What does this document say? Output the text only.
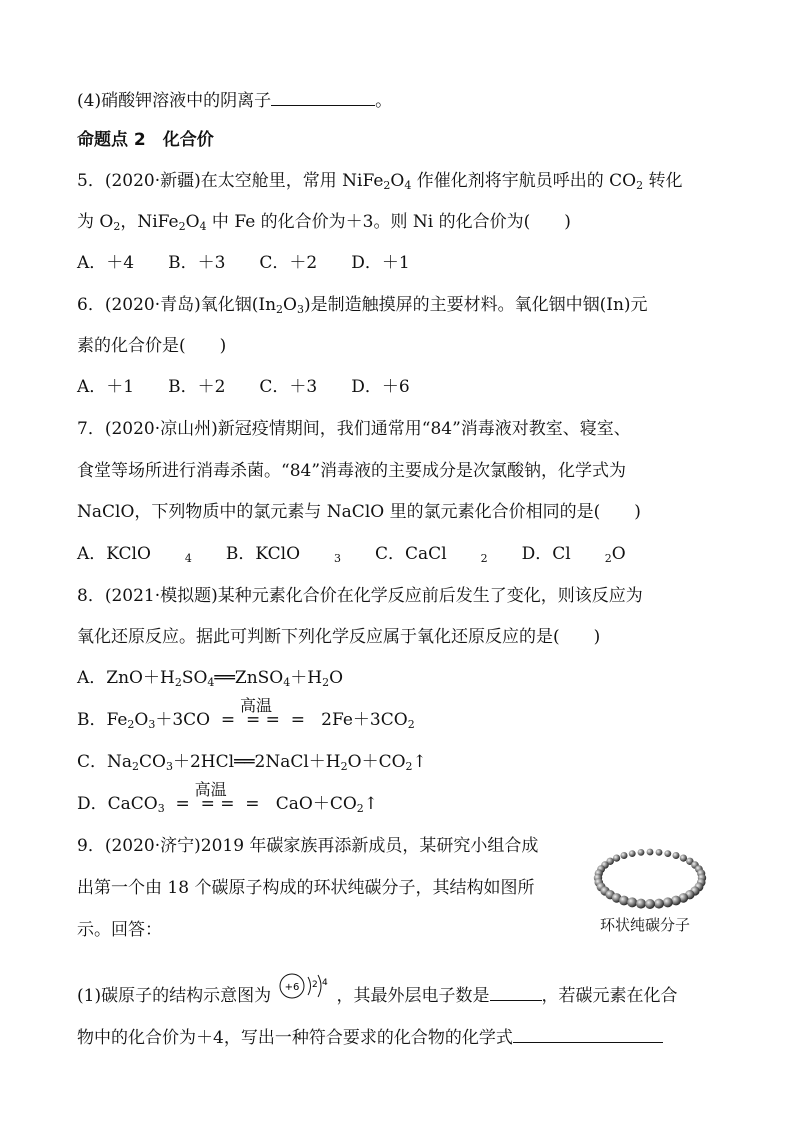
(4)硝酸钾溶液中的阴离子	。
命题点 2　化合价
5．(2020·新疆)在太空舱里，常用 $NiFe_2O_4$ 作催化剂将宇航员呼出的 $CO_2$ 转化
为 $O_2$，$NiFe_2O_4$ 中 Fe 的化合价为＋3。则 Ni 的化合价为(　　)
A．＋4 B．＋3 C．＋2 D．＋1
6．(2020·青岛)氧化铟$(In_2O_3)$是制造触摸屏的主要材料。氧化铟中铟(In)元
素的化合价是(　　)
A．＋1 B．＋2 C．＋3 D．＋6
7．(2020·凉山州)新冠疫情期间，我们通常用“84”消毒液对教室、寝室、
食堂等场所进行消毒杀菌。“84”消毒液的主要成分是次氯酸钠，化学式为
NaClO，下列物质中的氯元素与 NaClO 里的氯元素化合价相同的是(　　)
A．KClO	$_4$ B．KClO	$_3$ C．CaCl	$_2$ D．Cl	$_2$O
8．(2021·模拟题)某种元素化合价在化学反应前后发生了变化，则该反应为
氧化还原反应。据此可判断下列化学反应属于氧化还原反应的是(　　)
A．$ZnO+H_2SO_4══ZnSO_4+H_2O$
B．$Fe_2O_3+3CO$  =
高温
= =  =   $2Fe+3CO_2$
C．$Na_2CO_3+2HCl══2NaCl+H_2O+CO_2↑$
D．CaCO$_3$  =
高温
= =  =   $CaO+CO_2↑$
9．(2020·济宁)2019 年碳家族再添新成员，某研究小组合成
出第一个由 18 个碳原子构成的环状纯碳分子，其结构如图所
示。回答：	环状纯碳分子
(1)碳原子的结构示意图为 +6 2 4
，其最外层电子数是	，若碳元素在化合
物中的化合价为＋4，写出一种符合要求的化合物的化学式
